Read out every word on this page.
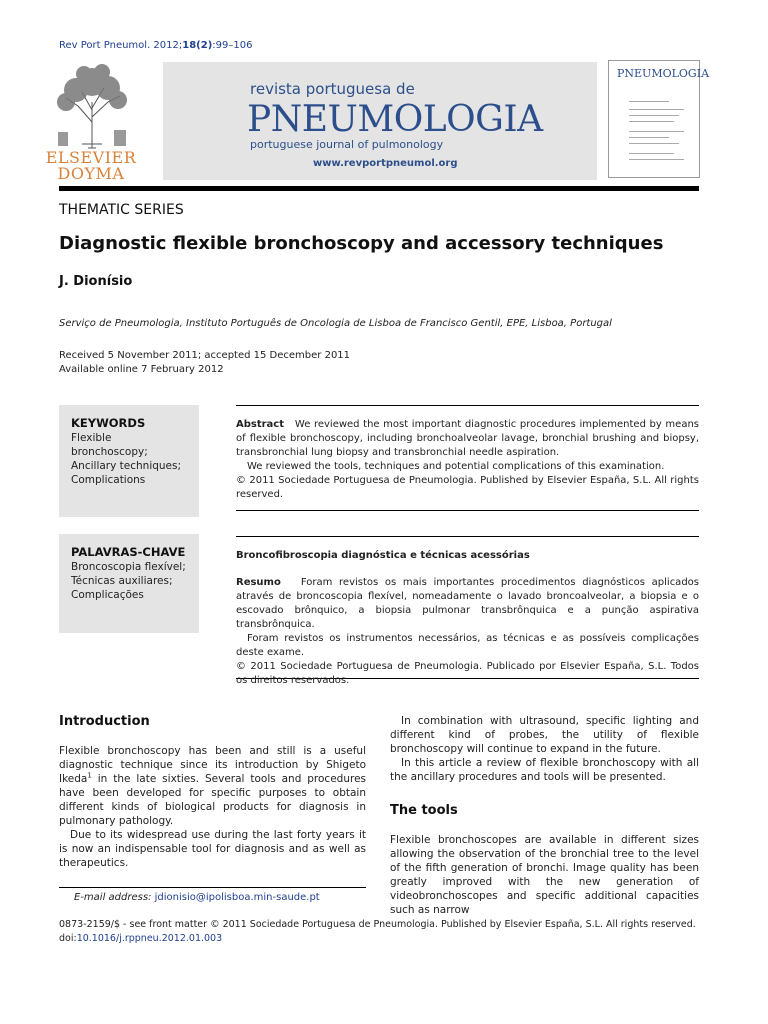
Rev Port Pneumol. 2012;18(2):99–106
ELSEVIER
DOYMA
revista portuguesa de
PNEUMOLOGIA
portuguese journal of pulmonology
www.revportpneumol.org
PNEUMOLOGIA
THEMATIC SERIES
Diagnostic flexible bronchoscopy and accessory techniques
J. Dionísio
Serviço de Pneumologia, Instituto Português de Oncologia de Lisboa de Francisco Gentil, EPE, Lisboa, Portugal
Received 5 November 2011; accepted 15 December 2011
Available online 7 February 2012
KEYWORDS
Flexible
bronchoscopy;
Ancillary techniques;
Complications

Abstract We reviewed the most important diagnostic procedures implemented by means of flexible bronchoscopy, including bronchoalveolar lavage, bronchial brushing and biopsy, transbronchial lung biopsy and transbronchial needle aspiration.

We reviewed the tools, techniques and potential complications of this examination.

© 2011 Sociedade Portuguesa de Pneumologia. Published by Elsevier España, S.L. All rights reserved.

PALAVRAS-CHAVE
Broncoscopia flexível;
Técnicas auxiliares;
Complicações

Broncofibroscopia diagnóstica e técnicas acessórias

Resumo Foram revistos os mais importantes procedimentos diagnósticos aplicados através de broncoscopia flexível, nomeadamente o lavado broncoalveolar, a biopsia e o escovado brônquico, a biopsia pulmonar transbrônquica e a punção aspirativa transbrônquica.

Foram revistos os instrumentos necessários, as técnicas e as possíveis complicações deste exame.

© 2011 Sociedade Portuguesa de Pneumologia. Publicado por Elsevier España, S.L. Todos os direitos reservados.

Introduction

Flexible bronchoscopy has been and still is a useful diagnostic technique since its introduction by Shigeto Ikeda$^1$ in the late sixties. Several tools and procedures have been developed for specific purposes to obtain different kinds of biological products for diagnosis in pulmonary pathology.

Due to its widespread use during the last forty years it is now an indispensable tool for diagnosis and as well as therapeutics.

In combination with ultrasound, specific lighting and different kind of probes, the utility of flexible bronchoscopy will continue to expand in the future.

In this article a review of flexible bronchoscopy with all the ancillary procedures and tools will be presented.

The tools

Flexible bronchoscopes are available in different sizes allowing the observation of the bronchial tree to the level of the fifth generation of bronchi. Image quality has been greatly improved with the new generation of videobronchoscopes and specific additional capacities such as narrow

E-mail address: jdionisio@ipolisboa.min-saude.pt
0873-2159/$ - see front matter © 2011 Sociedade Portuguesa de Pneumologia. Published by Elsevier España, S.L. All rights reserved.
doi:10.1016/j.rppneu.2012.01.003
